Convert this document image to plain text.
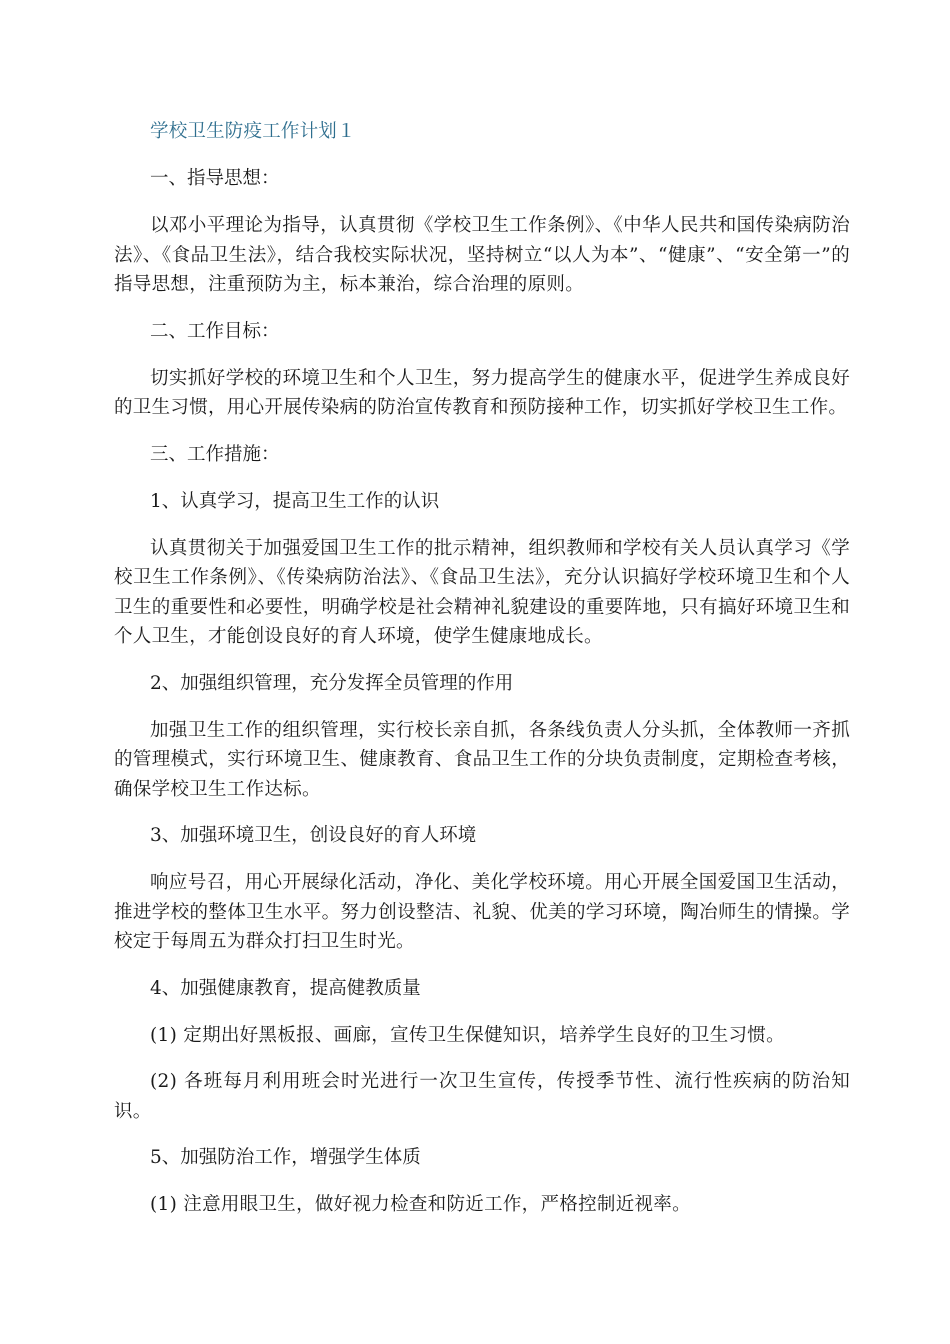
学校卫生防疫工作计划１

一、指导思想：

以邓小平理论为指导，认真贯彻《学校卫生工作条例》、《中华人民共和国传染病防治法》、《食品卫生法》，结合我校实际状况，坚持树立“以人为本”、“健康”、“安全第一”的指导思想，注重预防为主，标本兼治，综合治理的原则。

二、工作目标：

切实抓好学校的环境卫生和个人卫生，努力提高学生的健康水平，促进学生养成良好的卫生习惯，用心开展传染病的防治宣传教育和预防接种工作，切实抓好学校卫生工作。

三、工作措施：

1、认真学习，提高卫生工作的认识

认真贯彻关于加强爱国卫生工作的批示精神，组织教师和学校有关人员认真学习《学校卫生工作条例》、《传染病防治法》、《食品卫生法》，充分认识搞好学校环境卫生和个人卫生的重要性和必要性，明确学校是社会精神礼貌建设的重要阵地，只有搞好环境卫生和个人卫生，才能创设良好的育人环境，使学生健康地成长。

2、加强组织管理，充分发挥全员管理的作用

加强卫生工作的组织管理，实行校长亲自抓，各条线负责人分头抓，全体教师一齐抓的管理模式，实行环境卫生、健康教育、食品卫生工作的分块负责制度，定期检查考核，确保学校卫生工作达标。

3、加强环境卫生，创设良好的育人环境

响应号召，用心开展绿化活动，净化、美化学校环境。用心开展全国爱国卫生活动，推进学校的整体卫生水平。努力创设整洁、礼貌、优美的学习环境，陶冶师生的情操。学校定于每周五为群众打扫卫生时光。

4、加强健康教育，提高健教质量

(1) 定期出好黑板报、画廊，宣传卫生保健知识，培养学生良好的卫生习惯。

(2) 各班每月利用班会时光进行一次卫生宣传，传授季节性、流行性疾病的防治知识。

5、加强防治工作，增强学生体质

(1) 注意用眼卫生，做好视力检查和防近工作，严格控制近视率。
